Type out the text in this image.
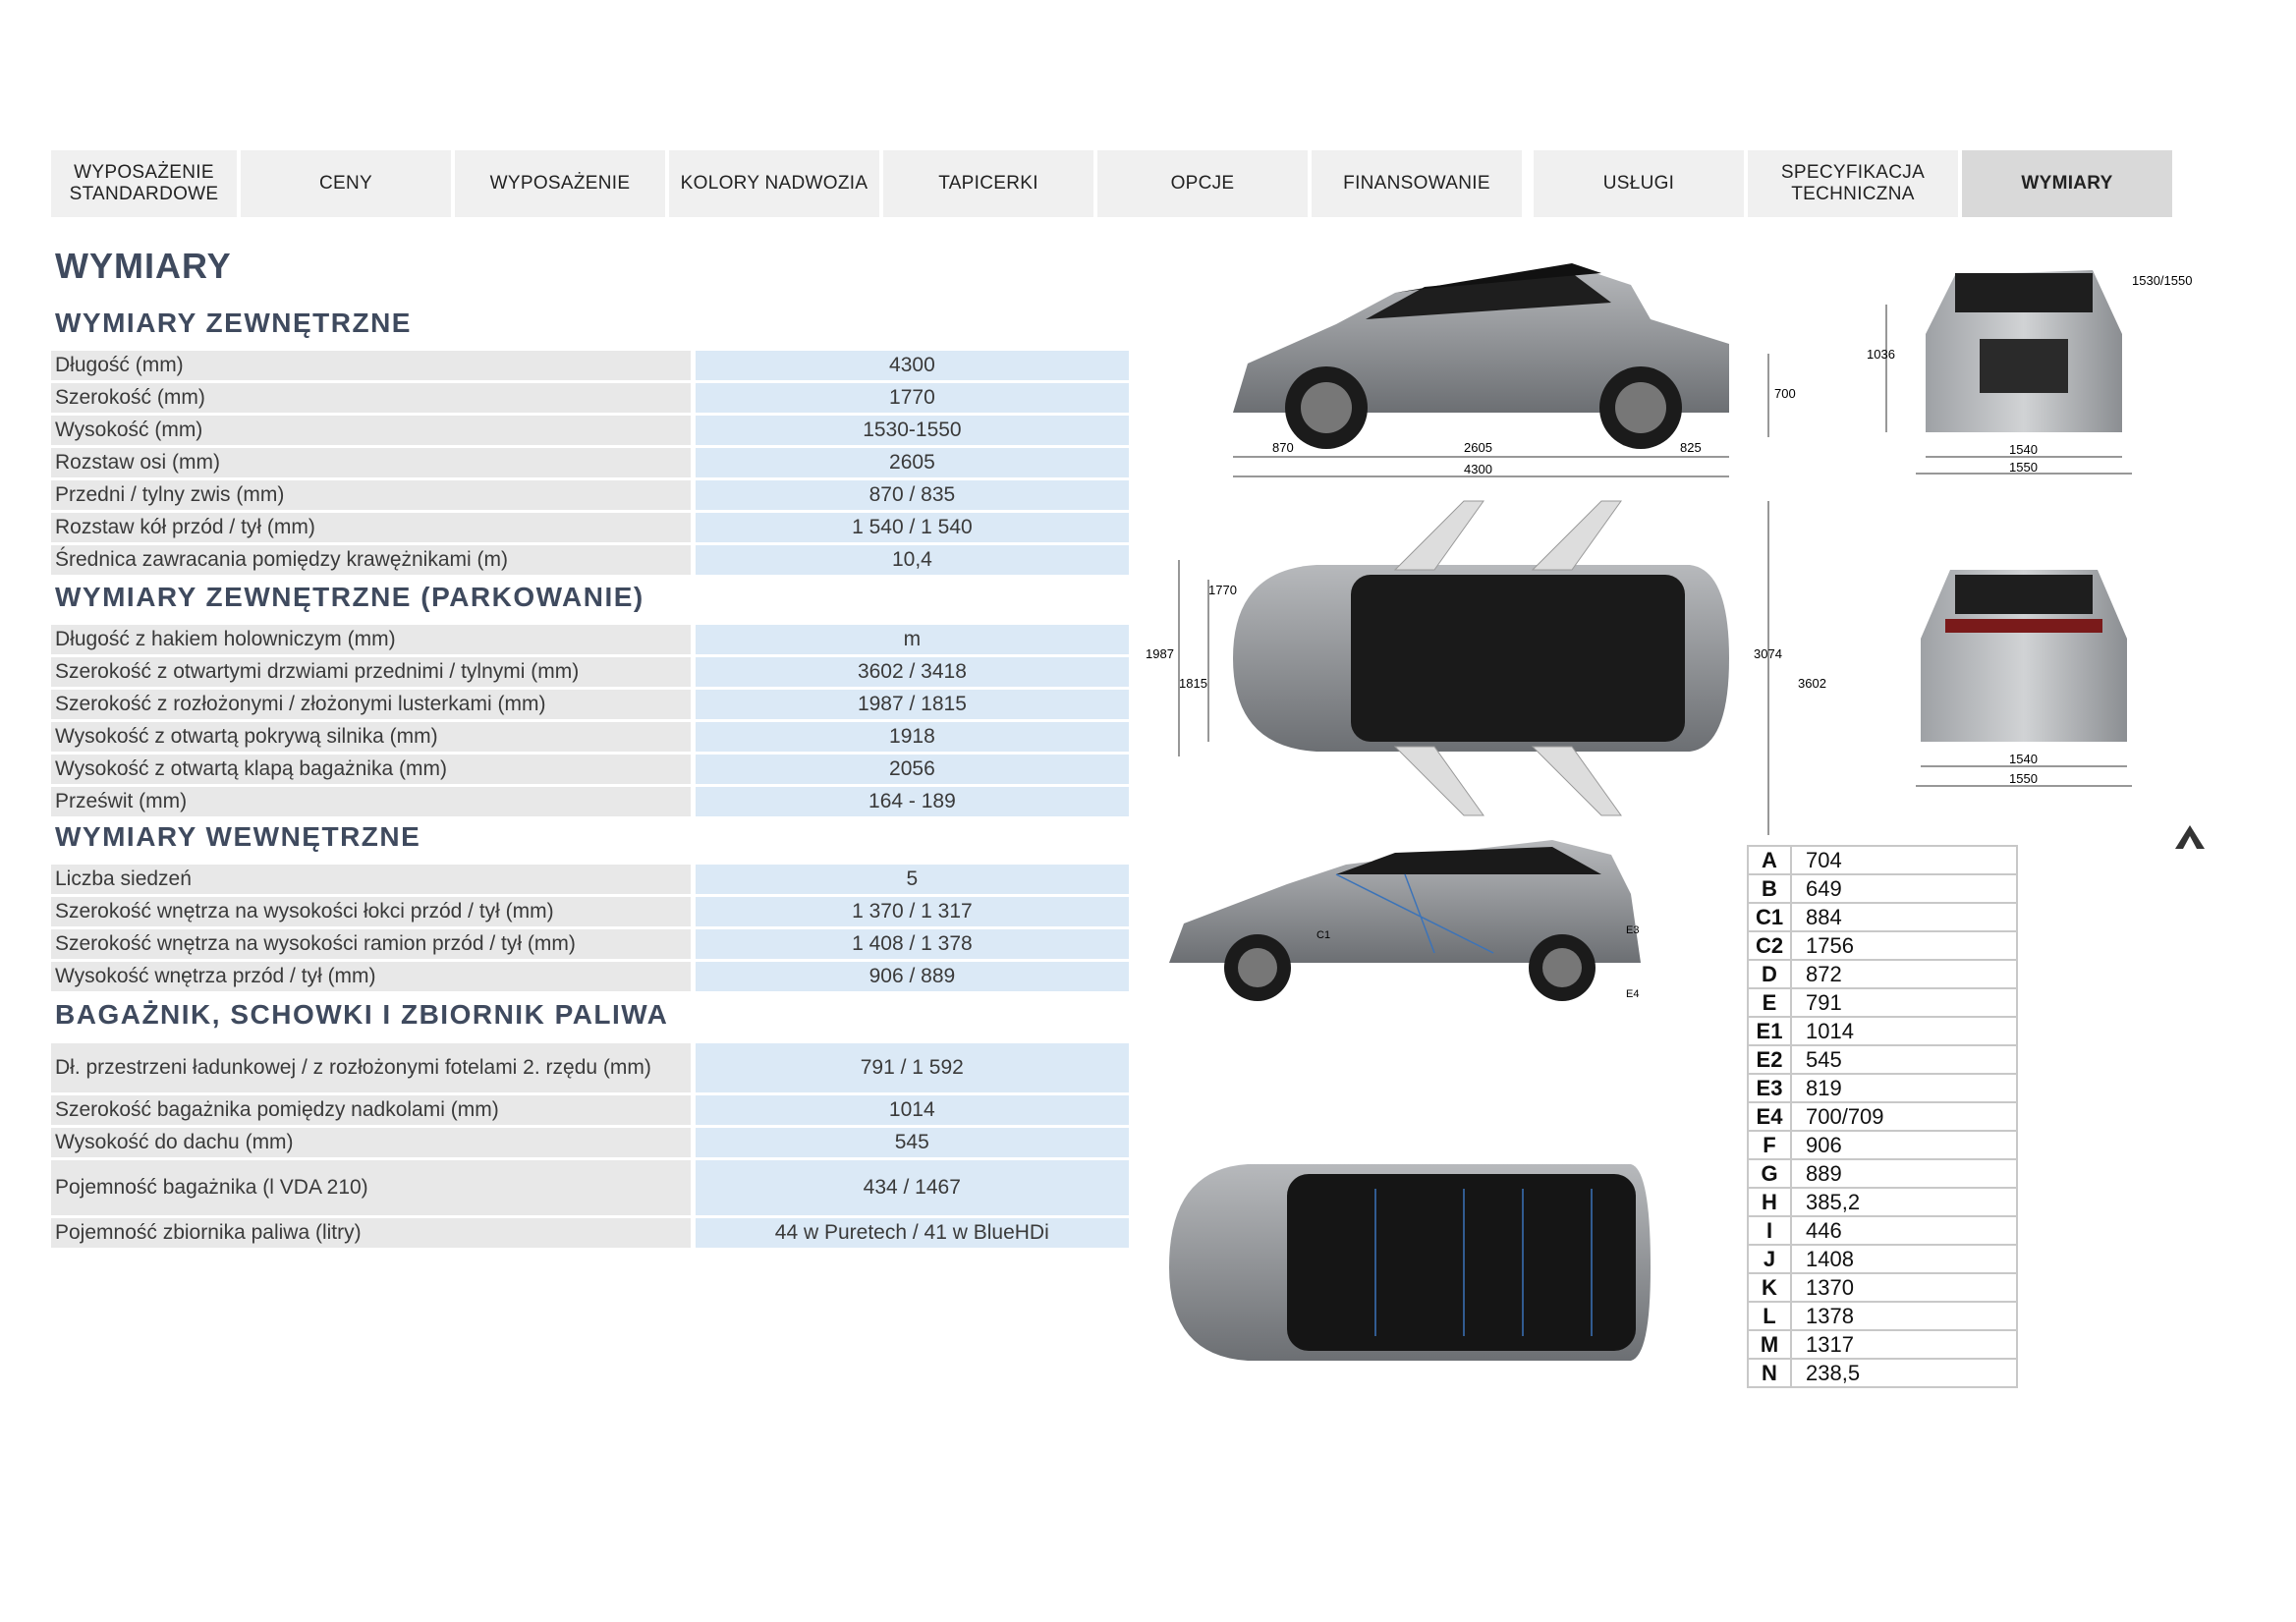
WYPOSAŻENIE
STANDARDOWE
CENY	WYPOSAŻENIE	KOLORY NADWOZIA	TAPICERKI	OPCJE	FINANSOWANIE	USŁUGI
SPECYFIKACJA
TECHNICZNA
WYMIARY
WYMIARY
WYMIARY ZEWNĘTRZNE
Długość (mm)	4300
Szerokość (mm)	1770
Wysokość (mm)	1530-1550
Rozstaw osi (mm)	2605
Przedni / tylny zwis (mm)	870 / 835
Rozstaw kół przód / tył (mm)	1 540 / 1 540
Średnica zawracania pomiędzy krawężnikami (m)	10,4
WYMIARY ZEWNĘTRZNE (PARKOWANIE)
Długość z hakiem holowniczym (mm)	m
Szerokość z otwartymi drzwiami przednimi / tylnymi (mm)	3602 / 3418
Szerokość z rozłożonymi / złożonymi lusterkami (mm)	1987 / 1815
Wysokość z otwartą pokrywą silnika (mm)	1918
Wysokość z otwartą klapą bagażnika (mm)	2056
Prześwit (mm)	164 - 189
WYMIARY WEWNĘTRZNE
Liczba siedzeń	5
Szerokość wnętrza na wysokości łokci przód / tył (mm)	1 370 / 1 317
Szerokość wnętrza na wysokości ramion przód / tył (mm)	1 408 / 1 378
Wysokość wnętrza przód / tył (mm)	906 / 889
BAGAŻNIK, SCHOWKI I ZBIORNIK PALIWA
Dł. przestrzeni ładunkowej / z rozłożonymi fotelami 2. rzędu (mm)	791 / 1 592
Szerokość bagażnika pomiędzy nadkolami (mm)	1014
Wysokość do dachu (mm)	545
Pojemność bagażnika (l VDA 210)	434 / 1467
Pojemność zbiornika paliwa (litry)	44 w Puretech / 41 w BlueHDi
870	2605	825
4300
700
1036
1530/1550
1540
1550
1770
1987
1815
3074
3602
1540
1550
E3
E4
C1
A	704
B	649
C1	884
C2	1756
D	872
E	791
E1	1014
E2	545
E3	819
E4	700/709
F	906
G	889
H	385,2
I	446
J	1408
K	1370
L	1378
M	1317
N	238,5
